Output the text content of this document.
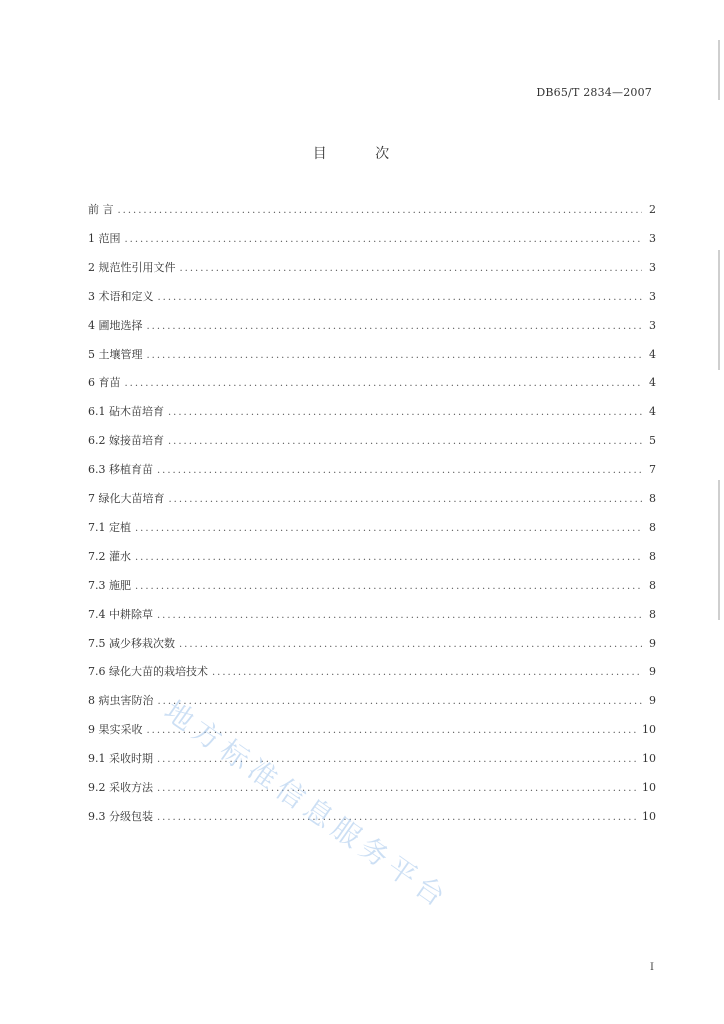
DB65/T 2834—2007
目 次
前 言 .....	2
1 范围 .....	3
2 规范性引用文件 .....	3
3 术语和定义 .....	3
4 圃地选择 .....	3
5 土壤管理 .....	4
6 育苗 .....	4
6.1 砧木苗培育 .....	4
6.2 嫁接苗培育 .....	5
6.3 移植育苗 .....	7
7 绿化大苗培育 .....	8
7.1 定植 .....	8
7.2 灌水 .....	8
7.3 施肥 .....	8
7.4 中耕除草 .....	8
7.5 减少移栽次数 .....	9
7.6 绿化大苗的栽培技术 .....	9
8 病虫害防治 .....	9
9 果实采收 .....	10
9.1 采收时期 .....	10
9.2 采收方法 .....	10
9.3 分级包装 .....	10
地方标准信息服务平台
I
